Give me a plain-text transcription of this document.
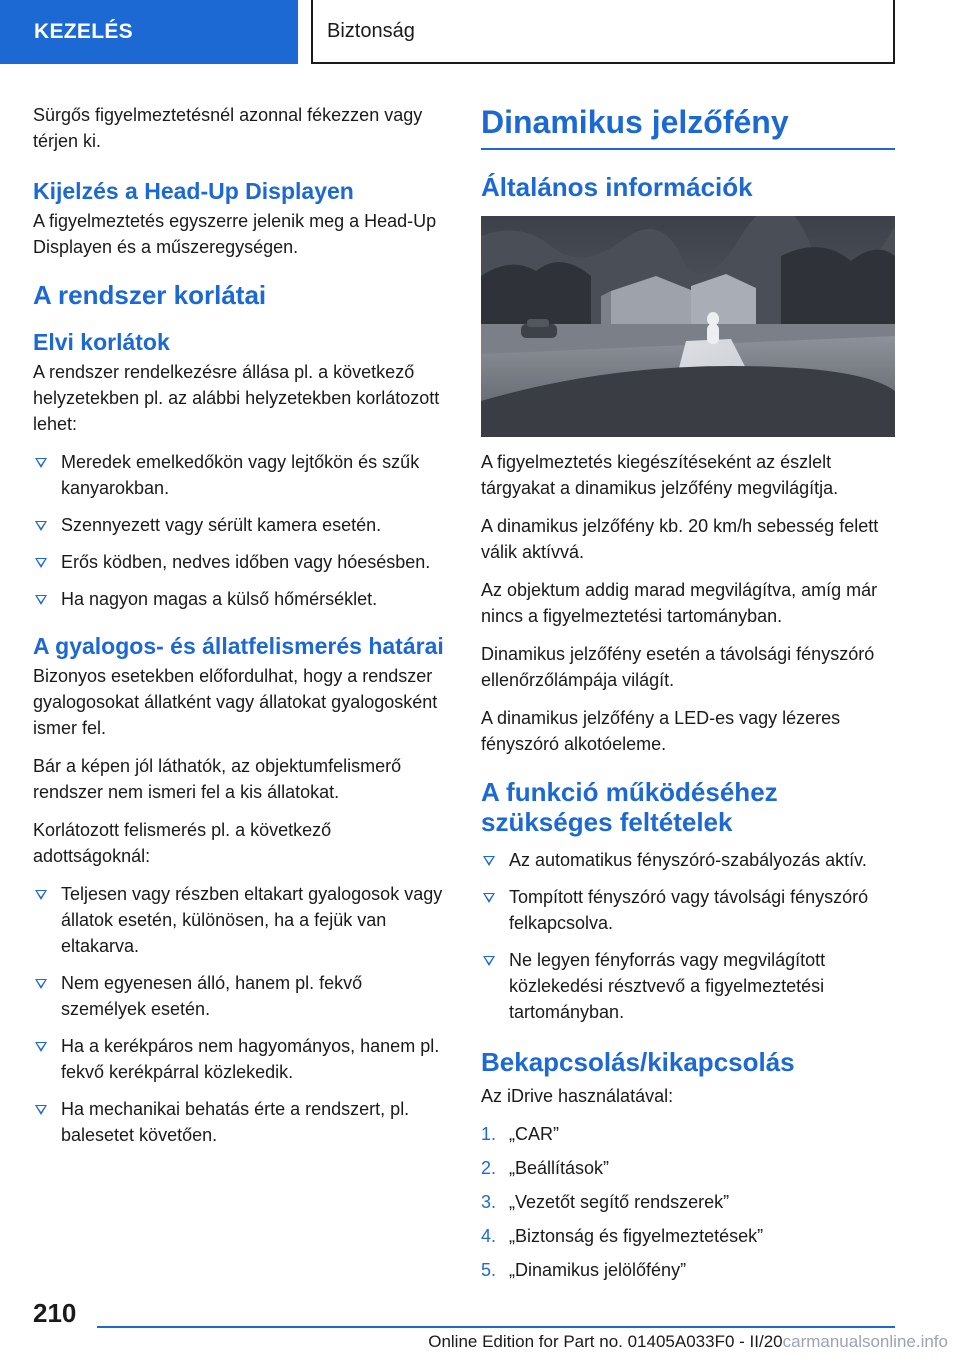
KEZELÉS	Biztonság

Sürgős figyelmeztetésnél azonnal fékezzen vagy térjen ki.

Kijelzés a Head-Up Displayen

A figyelmeztetés egyszerre jelenik meg a Head-Up Displayen és a műszeregységen.

A rendszer korlátai
Elvi korlátok

A rendszer rendelkezésre állása pl. a következő helyzetekben pl. az alábbi helyzetekben korlátozott lehet:

Meredek emelkedőkön vagy lejtőkön és szűk kanyarokban.
Szennyezett vagy sérült kamera esetén.
Erős ködben, nedves időben vagy hóesésben.
Ha nagyon magas a külső hőmérséklet.
A gyalogos- és állatfelismerés határai

Bizonyos esetekben előfordulhat, hogy a rendszer gyalogosokat állatként vagy állatokat gyalogosként ismer fel.

Bár a képen jól láthatók, az objektumfelismerő rendszer nem ismeri fel a kis állatokat.

Korlátozott felismerés pl. a következő adottságoknál:

Teljesen vagy részben eltakart gyalogosok vagy állatok esetén, különösen, ha a fejük van eltakarva.
Nem egyenesen álló, hanem pl. fekvő személyek esetén.
Ha a kerékpáros nem hagyományos, hanem pl. fekvő kerékpárral közlekedik.
Ha mechanikai behatás érte a rendszert, pl. balesetet követően.
Dinamikus jelzőfény
Általános információk

A figyelmeztetés kiegészítéseként az észlelt tárgyakat a dinamikus jelzőfény megvilágítja.

A dinamikus jelzőfény kb. 20 km/h sebesség felett válik aktívvá.

Az objektum addig marad megvilágítva, amíg már nincs a figyelmeztetési tartományban.

Dinamikus jelzőfény esetén a távolsági fényszóró ellenőrzőlámpája világít.

A dinamikus jelzőfény a LED-es vagy lézeres fényszóró alkotóeleme.

A funkció működéséhez szükséges feltételek
Az automatikus fényszóró-szabályozás aktív.
Tompított fényszóró vagy távolsági fényszóró felkapcsolva.
Ne legyen fényforrás vagy megvilágított közlekedési résztvevő a figyelmeztetési tartományban.
Bekapcsolás/kikapcsolás

Az iDrive használatával:

1. „CAR”
2. „Beállítások”
3. „Vezetőt segítő rendszerek”
4. „Biztonság és figyelmeztetések”
5. „Dinamikus jelölőfény”
210
Online Edition for Part no. 01405A033F0 - II/20carmanualsonline.info
